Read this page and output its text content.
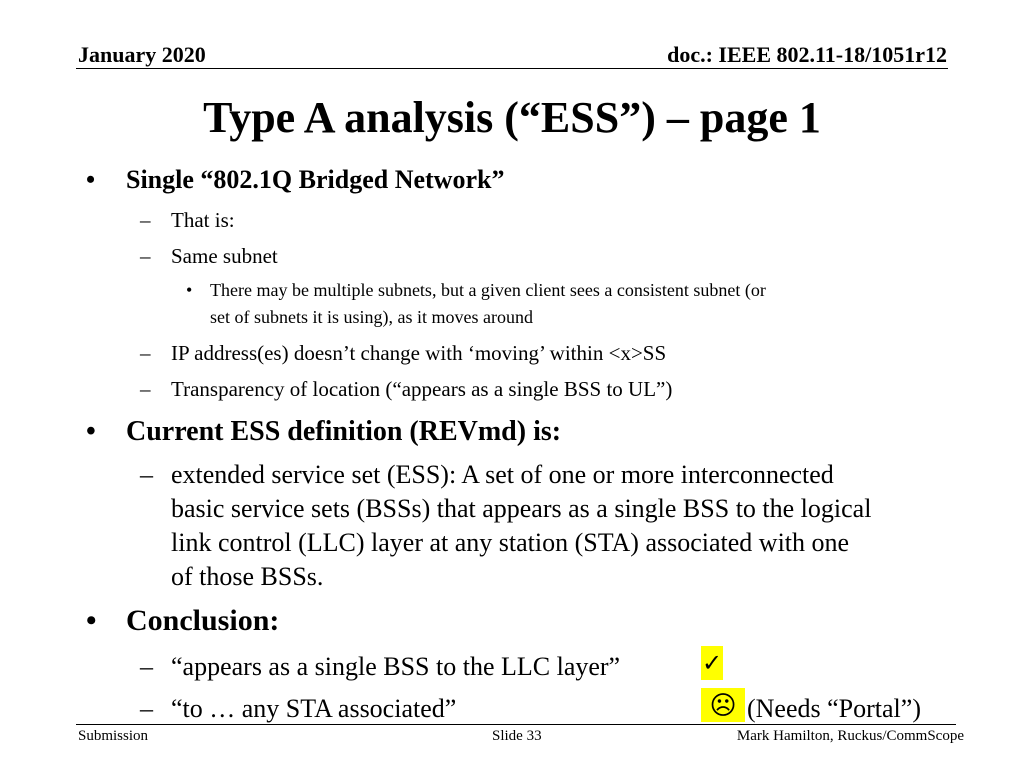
January 2020	doc.: IEEE 802.11-18/1051r12
Type A analysis (“ESS”) – page 1
• Single “802.1Q Bridged Network”
– That is:
– Same subnet
• There may be multiple subnets, but a given client sees a consistent subnet (or
set of subnets it is using), as it moves around
– IP address(es) doesn’t change with ‘moving’ within <x>SS
– Transparency of location (“appears as a single BSS to UL”)
• Current ESS definition (REVmd) is:
– extended service set (ESS): A set of one or more interconnected
basic service sets (BSSs) that appears as a single BSS to the logical
link control (LLC) layer at any station (STA) associated with one
of those BSSs.
• Conclusion:
– “appears as a single BSS to the LLC layer”	✓
– “to … any STA associated”	☹ (Needs “Portal”)
Submission	Slide 33	Mark Hamilton, Ruckus/CommScope
